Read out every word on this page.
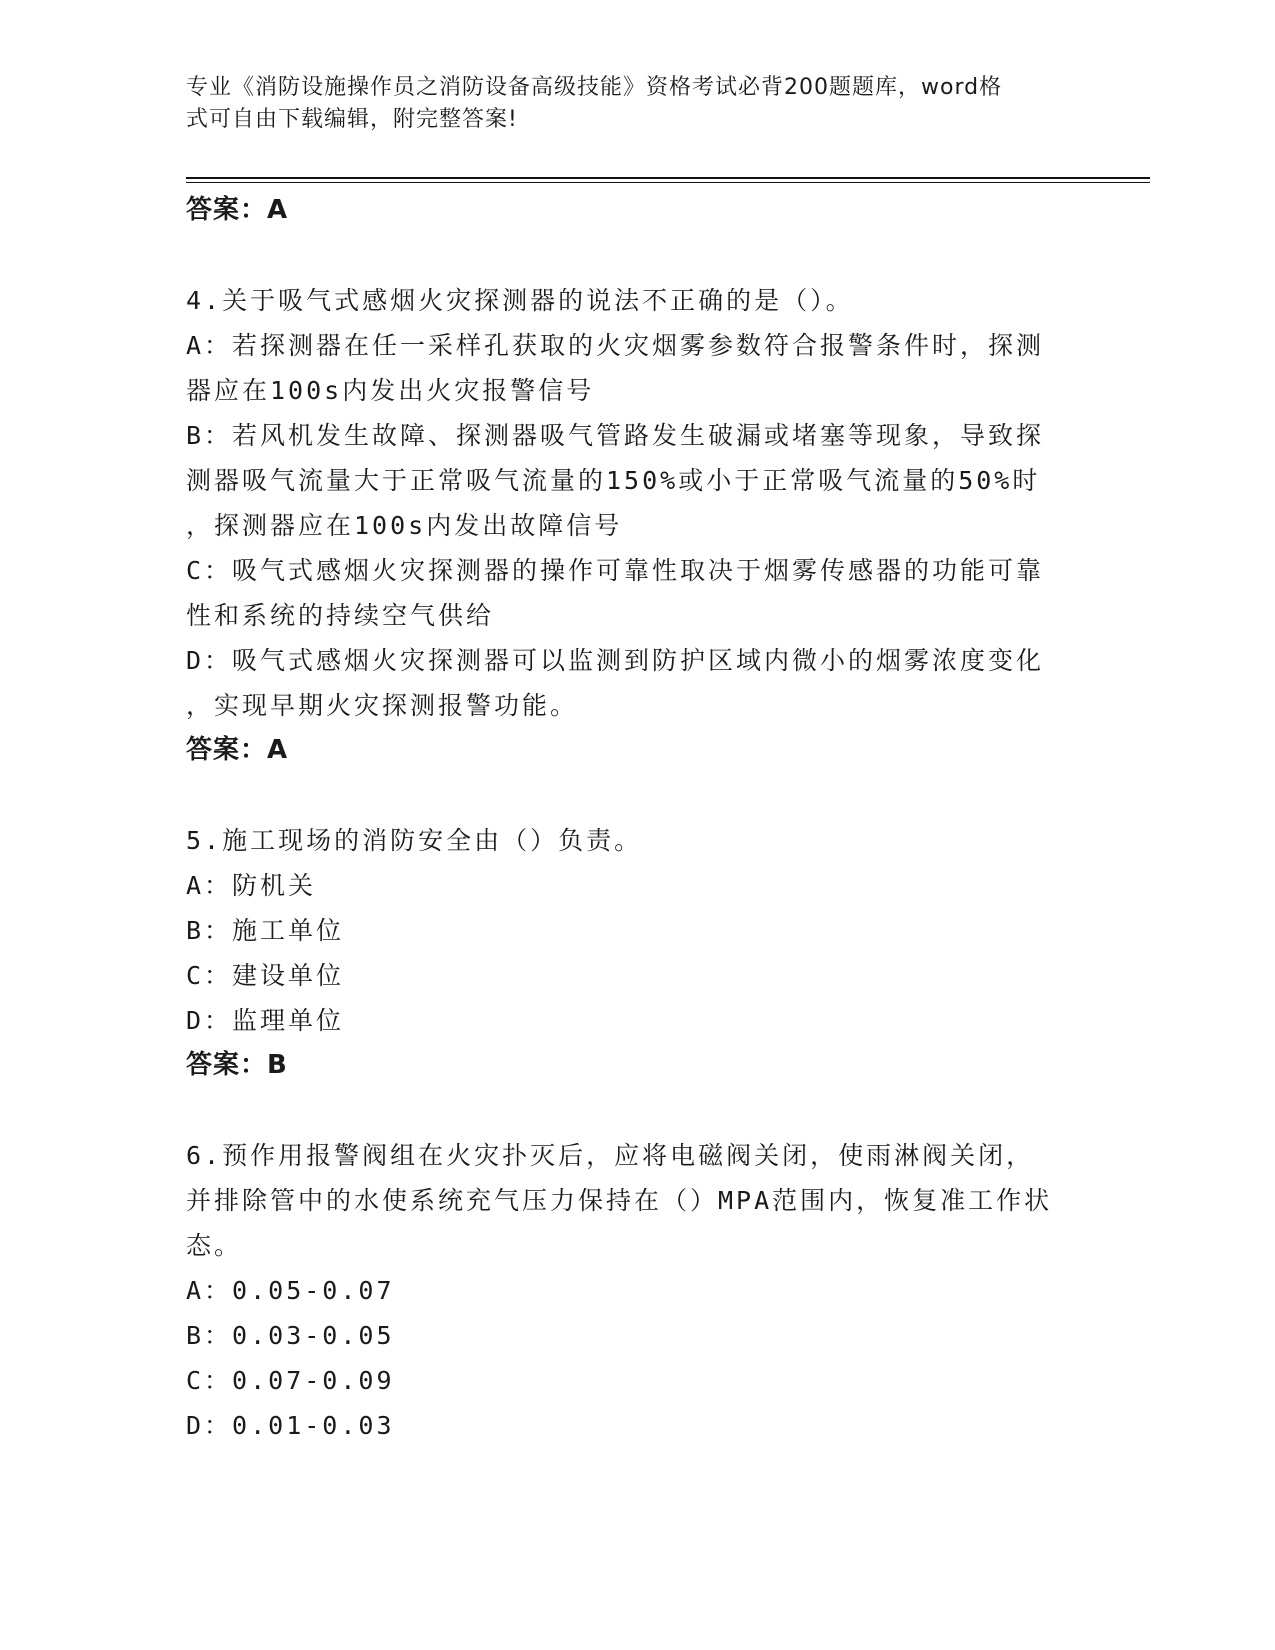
专业《消防设施操作员之消防设备高级技能》资格考试必背200题题库，word格
式可自由下载编辑，附完整答案!
答案：A
4.关于吸气式感烟火灾探测器的说法不正确的是（）。
A：若探测器在任一采样孔获取的火灾烟雾参数符合报警条件时，探测
器应在100s内发出火灾报警信号
B：若风机发生故障、探测器吸气管路发生破漏或堵塞等现象，导致探
测器吸气流量大于正常吸气流量的150%或小于正常吸气流量的50%时
，探测器应在100s内发出故障信号
C：吸气式感烟火灾探测器的操作可靠性取决于烟雾传感器的功能可靠
性和系统的持续空气供给
D：吸气式感烟火灾探测器可以监测到防护区域内微小的烟雾浓度变化
，实现早期火灾探测报警功能。
答案：A
5.施工现场的消防安全由（）负责。
A：防机关
B：施工单位
C：建设单位
D：监理单位
答案：B
6.预作用报警阀组在火灾扑灭后，应将电磁阀关闭，使雨淋阀关闭，
并排除管中的水使系统充气压力保持在（）MPA范围内，恢复准工作状
态。
A：0.05-0.07
B：0.03-0.05
C：0.07-0.09
D：0.01-0.03
